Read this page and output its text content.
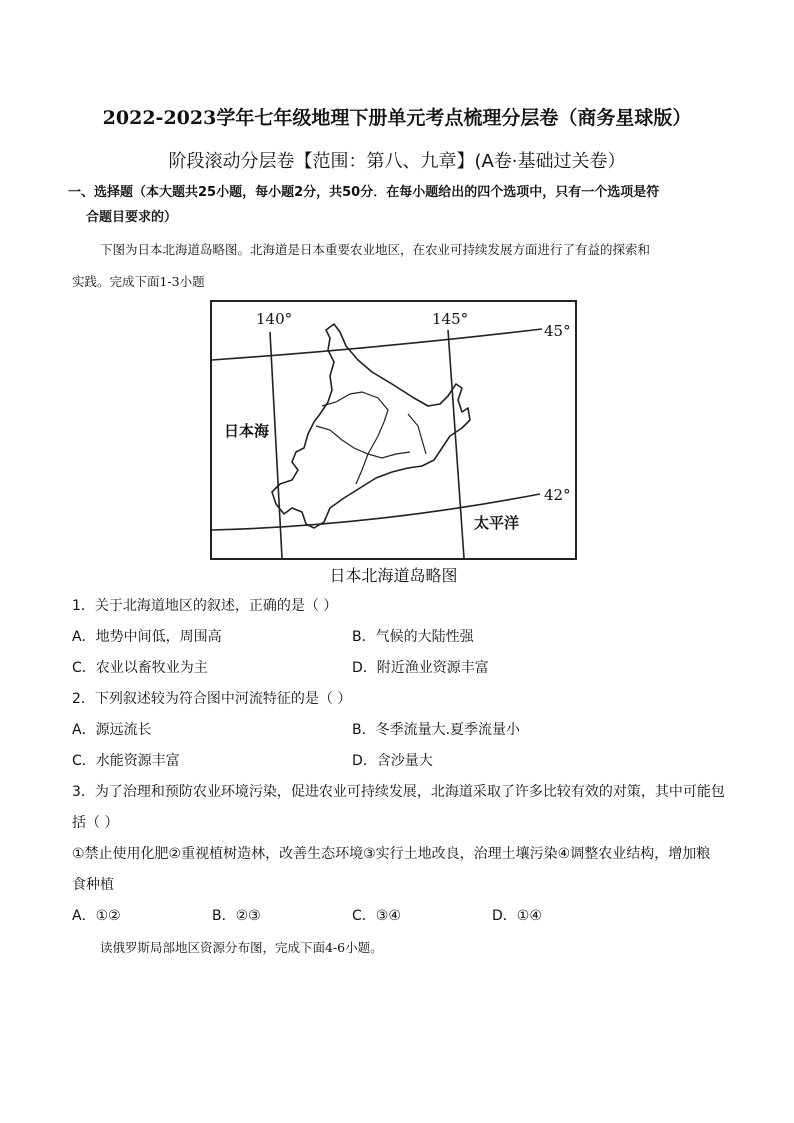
2022-2023学年七年级地理下册单元考点梳理分层卷（商务星球版）
阶段滚动分层卷【范围：第八、九章】(A卷·基础过关卷）
一、选择题（本大题共25小题，每小题2分，共50分．在每小题给出的四个选项中，只有一个选项是符
合题目要求的）
下图为日本北海道岛略图。北海道是日本重要农业地区，在农业可持续发展方面进行了有益的探索和
实践。完成下面1-3小题
140°	145°
45°
42°
日本海
太平洋
日本北海道岛略图
1．关于北海道地区的叙述，正确的是（ ）
A．地势中间低，周围高	B．气候的大陆性强
C．农业以畜牧业为主	D．附近渔业资源丰富
2．下列叙述较为符合图中河流特征的是（ ）
A．源远流长	B．冬季流量大.夏季流量小
C．水能资源丰富	D．含沙量大
3．为了治理和预防农业环境污染，促进农业可持续发展，北海道采取了许多比较有效的对策，其中可能包
括（ ）
①禁止使用化肥②重视植树造林，改善生态环境③实行土地改良，治理土壤污染④调整农业结构，增加粮
食种植
A．①②	B．②③	C．③④	D．①④
读俄罗斯局部地区资源分布图，完成下面4-6小题。
